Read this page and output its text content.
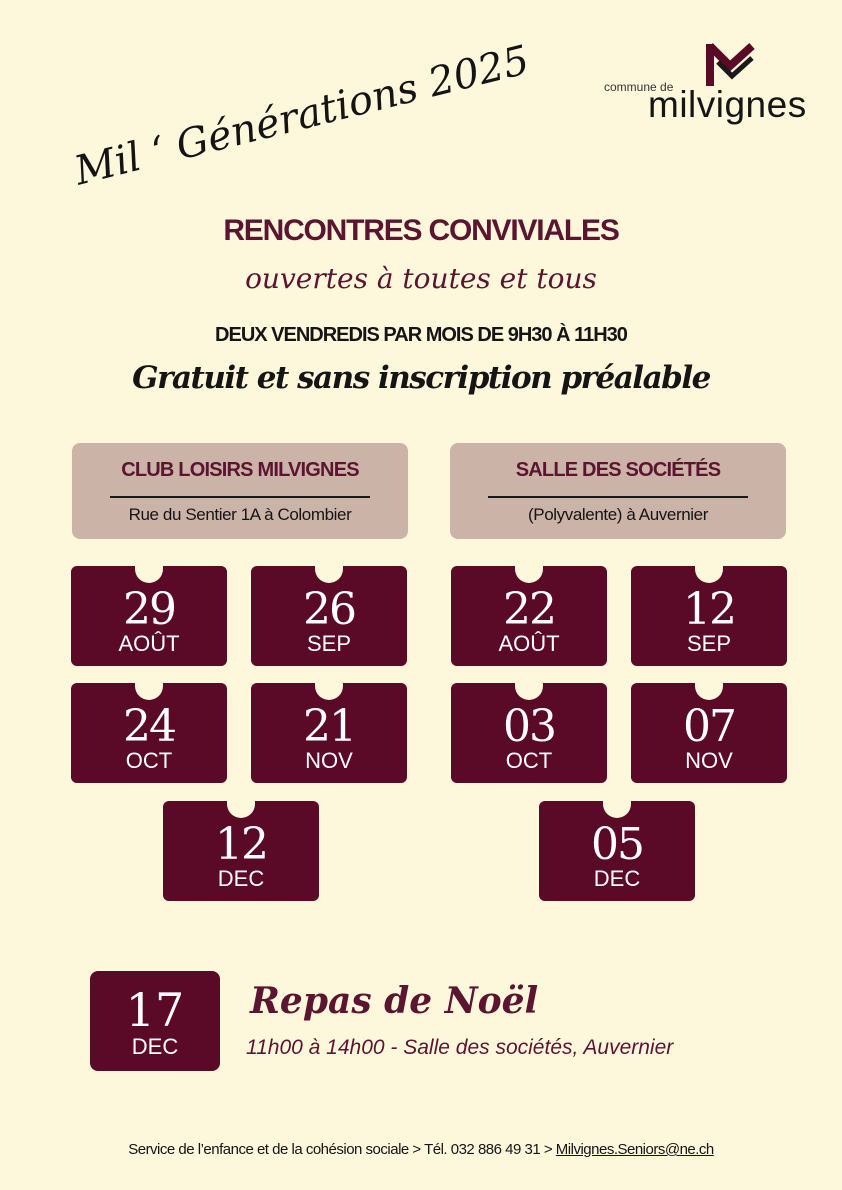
Mil ‘ Générations 2025	commune de
milvignes
RENCONTRES CONVIVIALES
ouvertes à toutes et tous
DEUX VENDREDIS PAR MOIS DE 9H30 À 11H30
Gratuit et sans inscription préalable
CLUB LOISIRS MILVIGNES
Rue du Sentier 1A à Colombier
SALLE DES SOCIÉTÉS
(Polyvalente) à Auvernier
29
AOÛT
26
SEP
24
OCT
21
NOV
12
DEC
22
AOÛT
12
SEP
03
OCT
07
NOV
05
DEC
17
DEC
Repas de Noël
11h00 à 14h00 - Salle des sociétés, Auvernier
Service de l’enfance et de la cohésion sociale > Tél. 032 886 49 31 > Milvignes.Seniors@ne.ch
